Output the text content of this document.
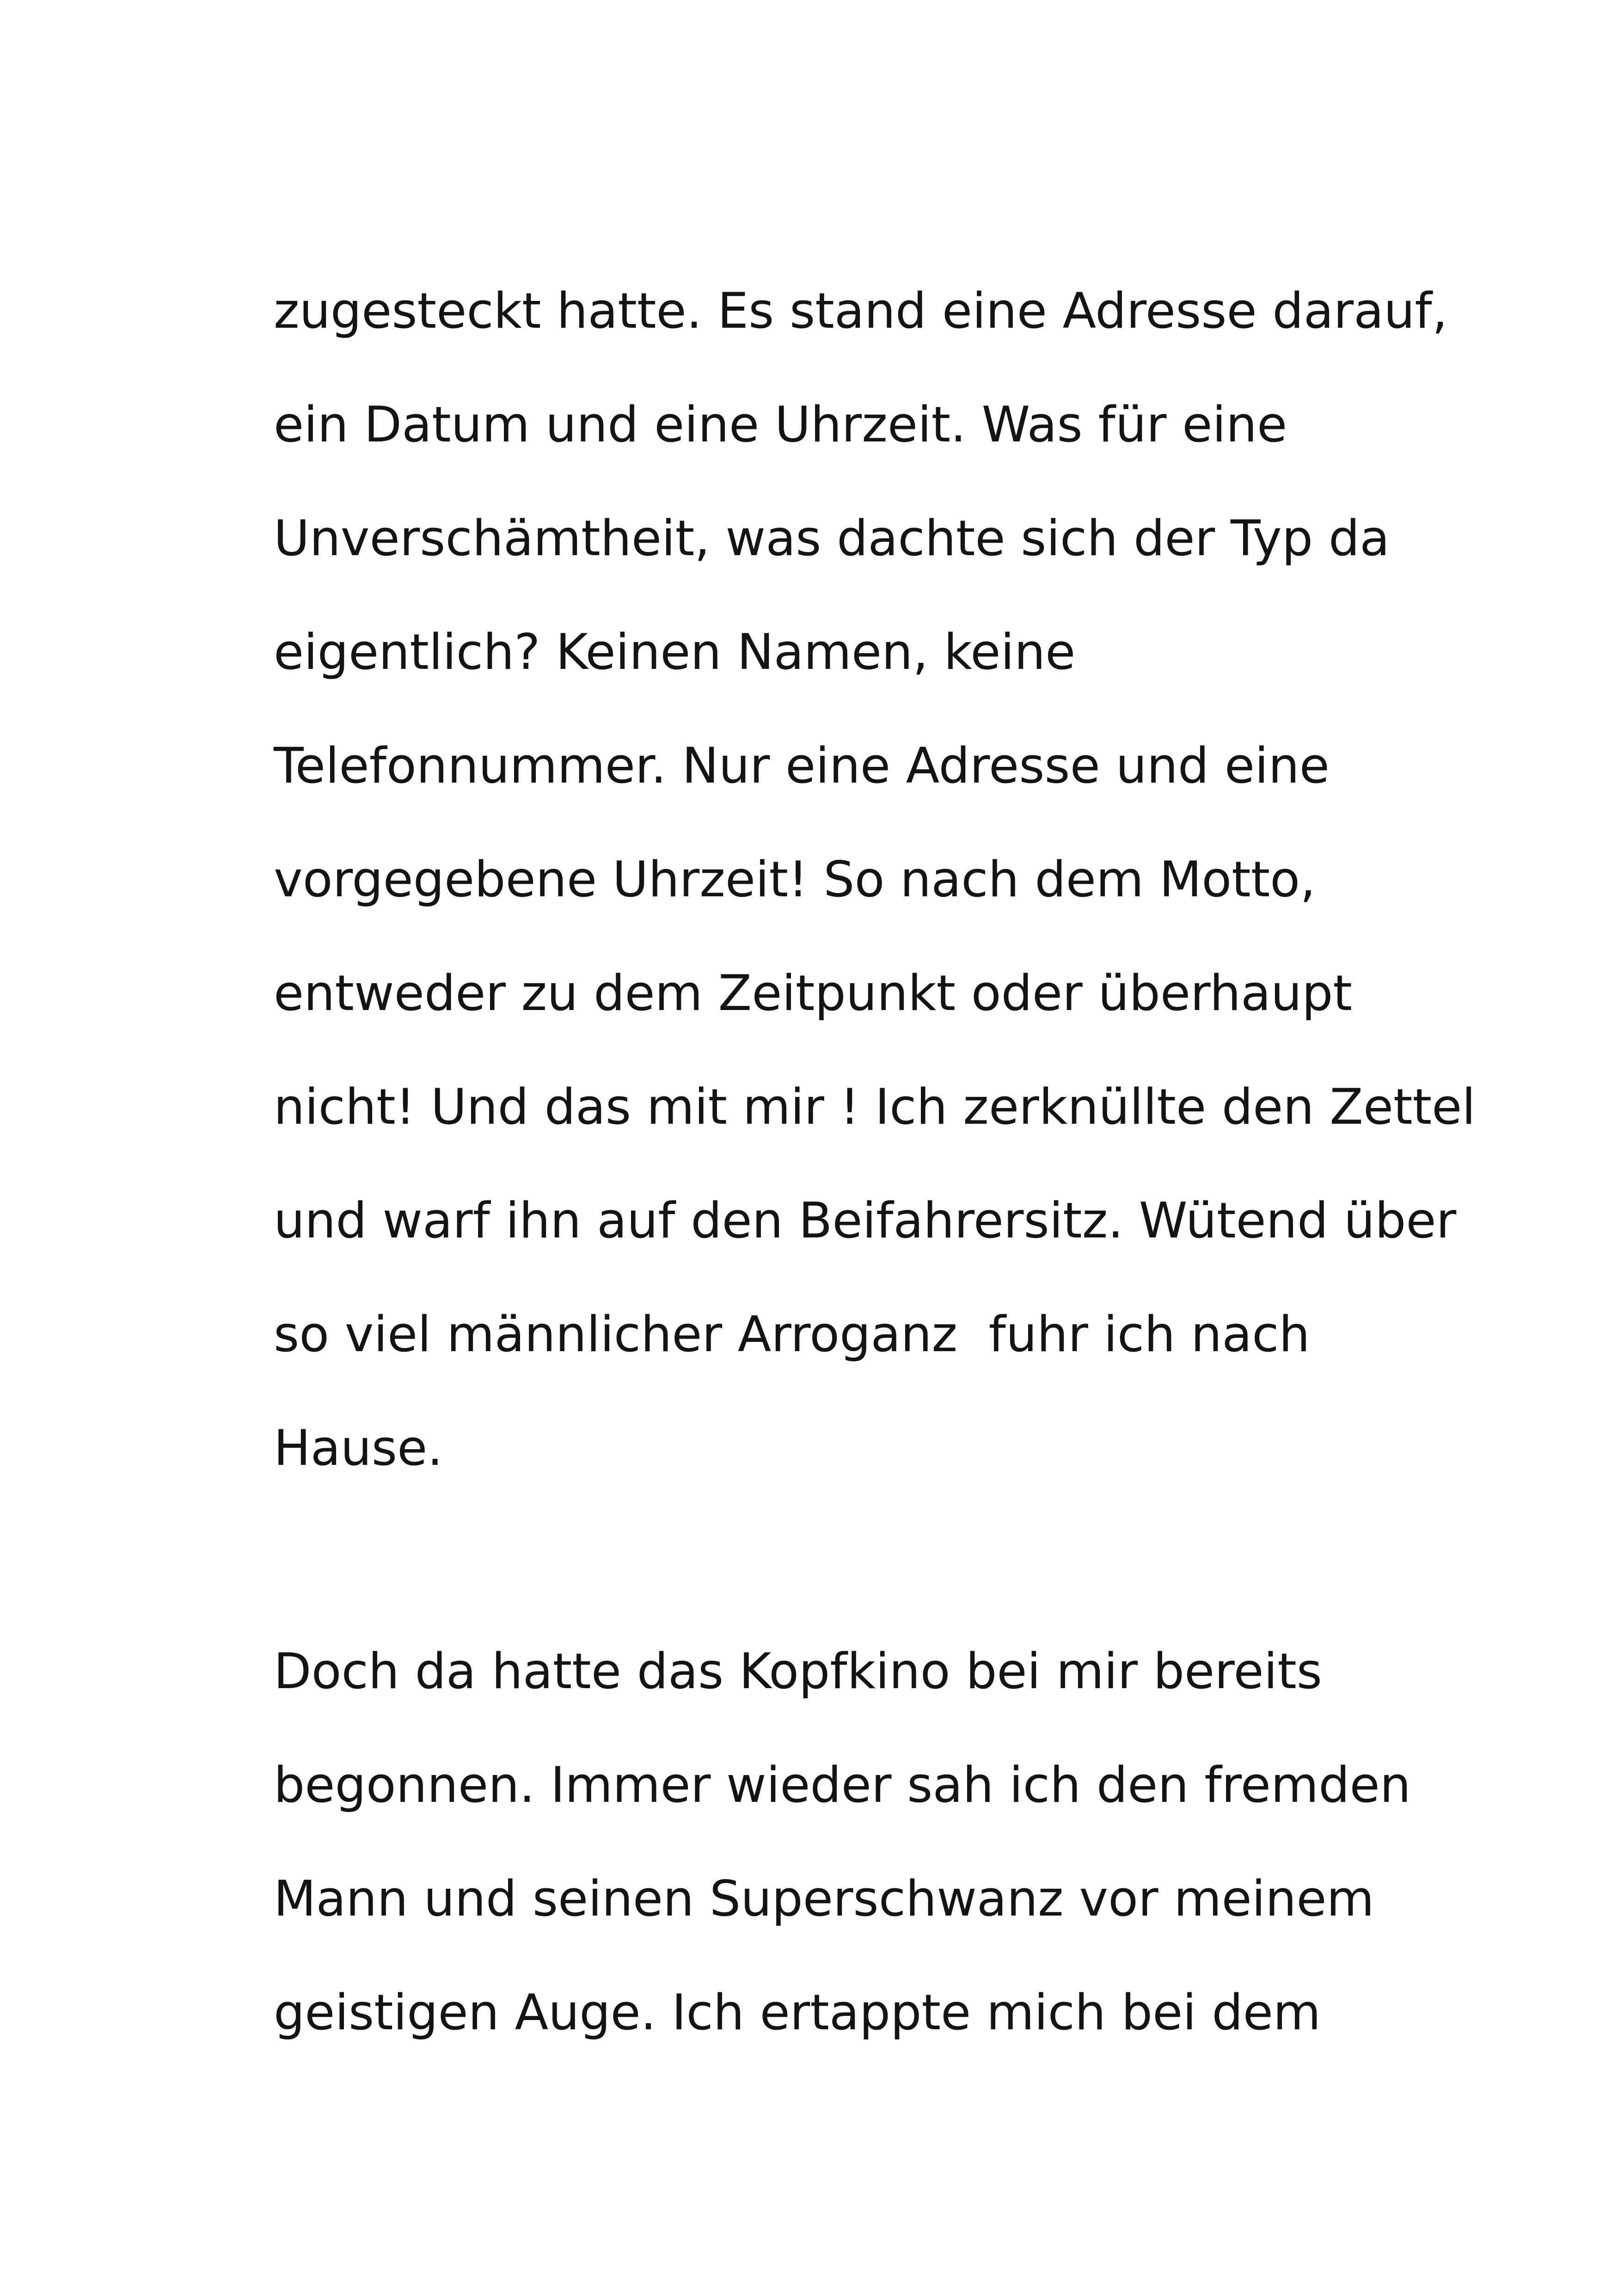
zugesteckt hatte. Es stand eine Adresse darauf,
ein Datum und eine Uhrzeit. Was für eine
Unverschämtheit, was dachte sich der Typ da
eigentlich? Keinen Namen, keine
Telefonnummer. Nur eine Adresse und eine
vorgegebene Uhrzeit! So nach dem Motto,
entweder zu dem Zeitpunkt oder überhaupt
nicht! Und das mit mir ! Ich zerknüllte den Zettel
und warf ihn auf den Beifahrersitz. Wütend über
so viel männlicher Arroganz  fuhr ich nach
Hause.
Doch da hatte das Kopfkino bei mir bereits
begonnen. Immer wieder sah ich den fremden
Mann und seinen Superschwanz vor meinem
geistigen Auge. Ich ertappte mich bei dem
